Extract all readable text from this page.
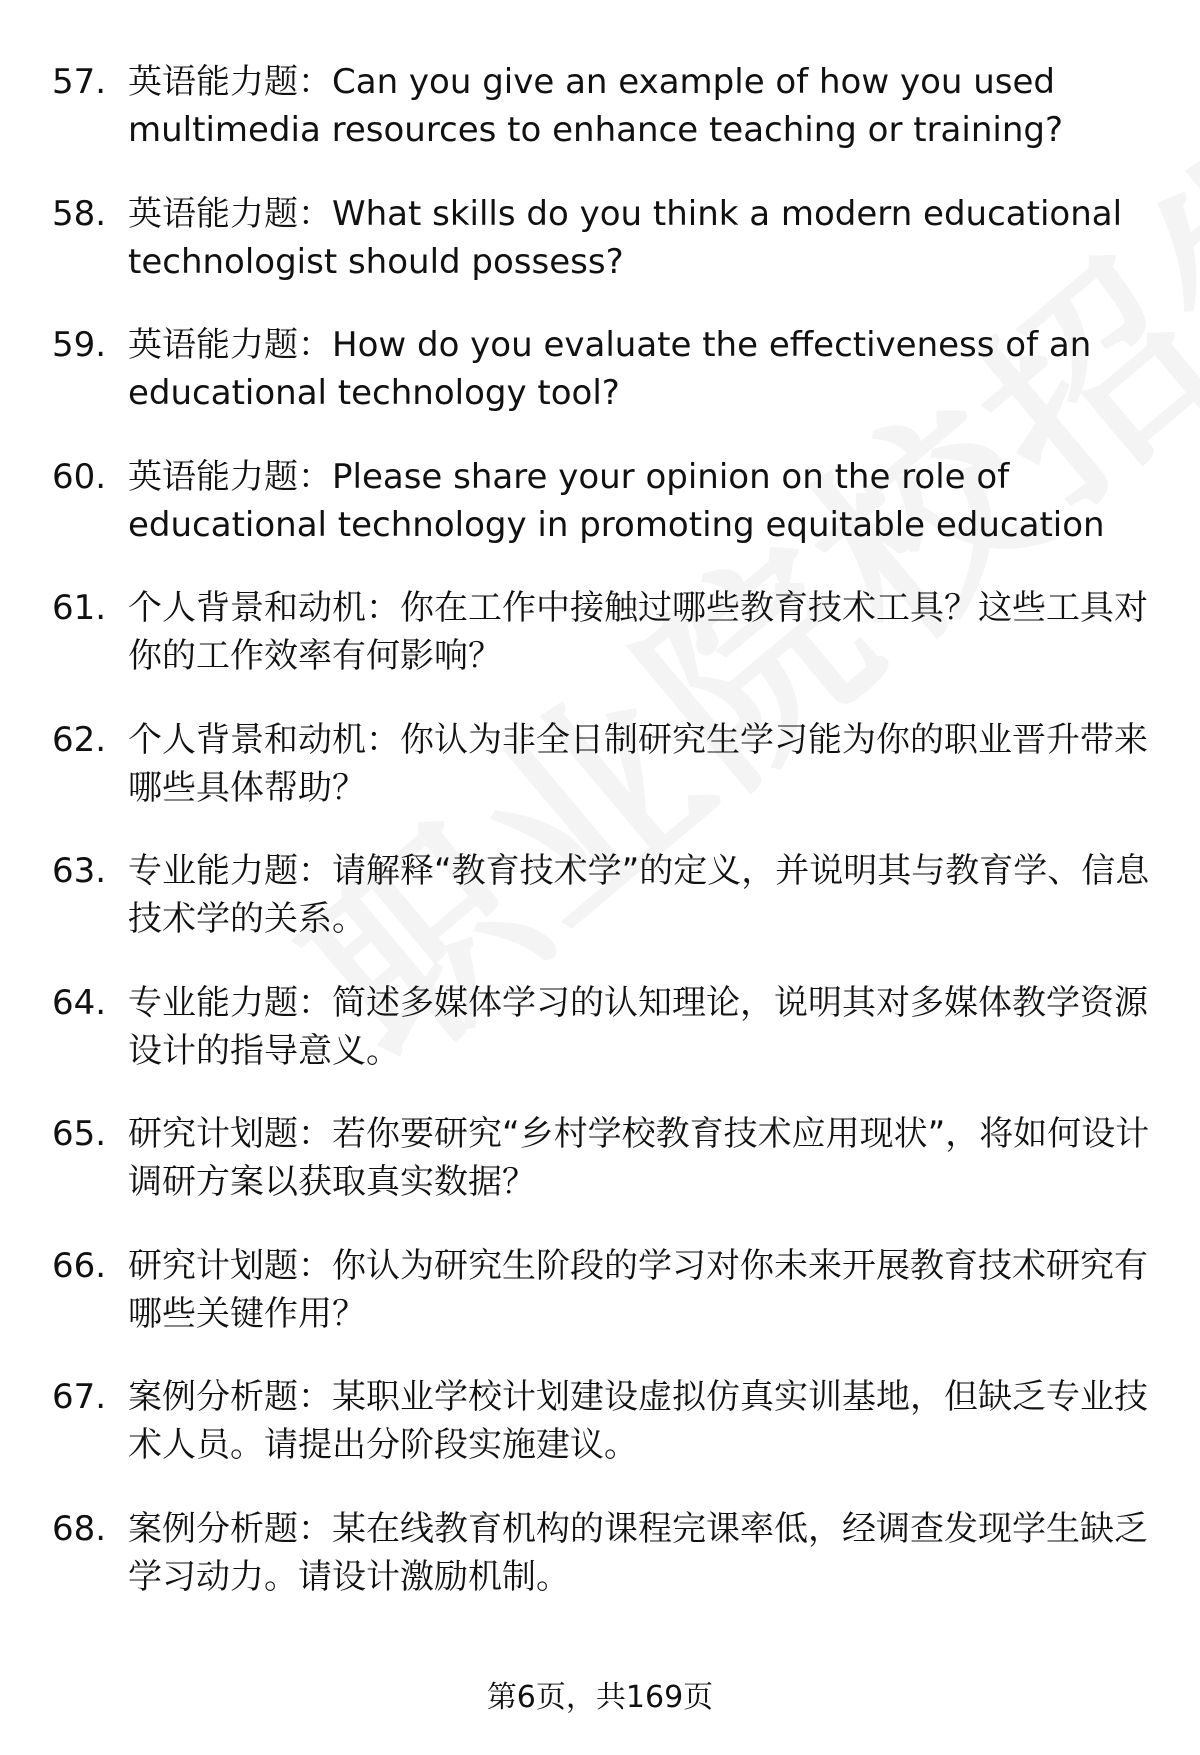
57. 英语能力题：Can you give an example of how you used multimedia resources to enhance teaching or training?
58. 英语能力题：What skills do you think a modern educational technologist should possess?
59. 英语能力题：How do you evaluate the effectiveness of an educational technology tool?
60. 英语能力题：Please share your opinion on the role of educational technology in promoting equitable education
61. 个人背景和动机：你在工作中接触过哪些教育技术工具？这些工具对你的工作效率有何影响？
62. 个人背景和动机：你认为非全日制研究生学习能为你的职业晋升带来哪些具体帮助？
63. 专业能力题：请解释“教育技术学”的定义，并说明其与教育学、信息技术学的关系。
64. 专业能力题：简述多媒体学习的认知理论，说明其对多媒体教学资源设计的指导意义。
65. 研究计划题：若你要研究“乡村学校教育技术应用现状”，将如何设计调研方案以获取真实数据？
66. 研究计划题：你认为研究生阶段的学习对你未来开展教育技术研究有哪些关键作用？
67. 案例分析题：某职业学校计划建设虚拟仿真实训基地，但缺乏专业技术人员。请提出分阶段实施建议。
68. 案例分析题：某在线教育机构的课程完课率低，经调查发现学生缺乏学习动力。请设计激励机制。
第6页，共169页
